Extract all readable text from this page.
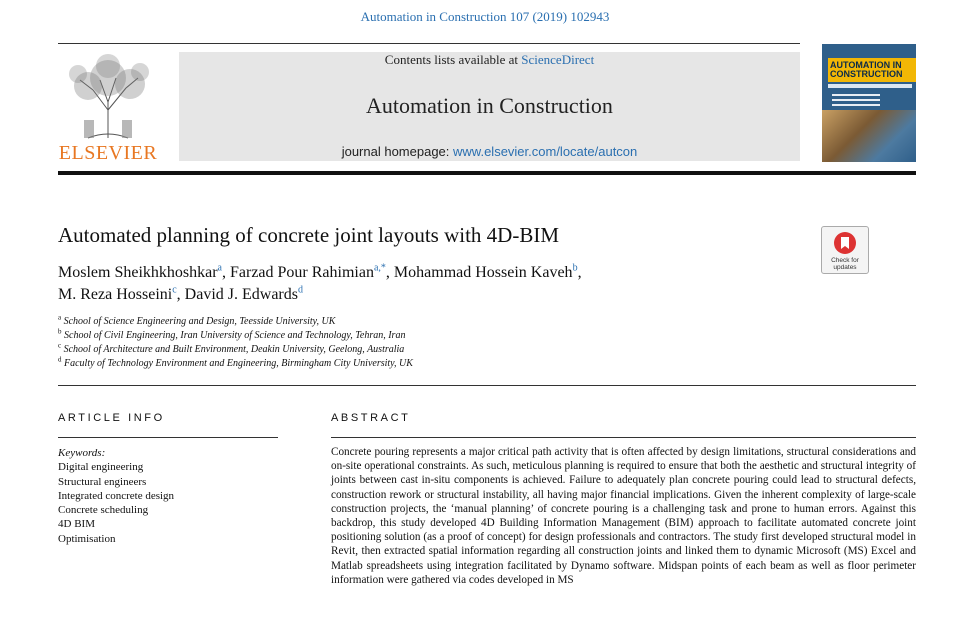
Automation in Construction 107 (2019) 102943
ELSEVIER
Contents lists available at ScienceDirect
Automation in Construction
journal homepage: www.elsevier.com/locate/autcon
AUTOMATION IN
CONSTRUCTION
Automated planning of concrete joint layouts with 4D-BIM
Check for
updates
Moslem Sheikhkhoshkar$^a$, Farzad Pour Rahimian$^{a,*}$, Mohammad Hossein Kaveh$^b$,
M. Reza Hosseini$^c$, David J. Edwards$^d$
$^a$ School of Science Engineering and Design, Teesside University, UK
$^b$ School of Civil Engineering, Iran University of Science and Technology, Tehran, Iran
$^c$ School of Architecture and Built Environment, Deakin University, Geelong, Australia
$^d$ Faculty of Technology Environment and Engineering, Birmingham City University, UK
ARTICLE INFO
Keywords:
Digital engineering
Structural engineers
Integrated concrete design
Concrete scheduling
4D BIM
Optimisation
ABSTRACT
Concrete pouring represents a major critical path activity that is often affected by design limitations, structural considerations and on-site operational constraints. As such, meticulous planning is required to ensure that both the aesthetic and structural integrity of joints between cast in-situ components is achieved. Failure to adequately plan concrete pouring could lead to structural defects, construction rework or structural instability, all having major financial implications. Given the inherent complexity of large-scale construction projects, the ‘manual planning’ of concrete pouring is a challenging task and prone to human errors. Against this backdrop, this study developed 4D Building Information Management (BIM) approach to facilitate automated concrete joint positioning solution (as a proof of concept) for design professionals and contractors. The study first developed structural model in Revit, then extracted spatial information regarding all construction joints and linked them to dynamic Microsoft (MS) Excel and Matlab spreadsheets using integration facilitated by Dynamo software. Midspan points of each beam as well as floor perimeter information were gathered via codes developed in MS
